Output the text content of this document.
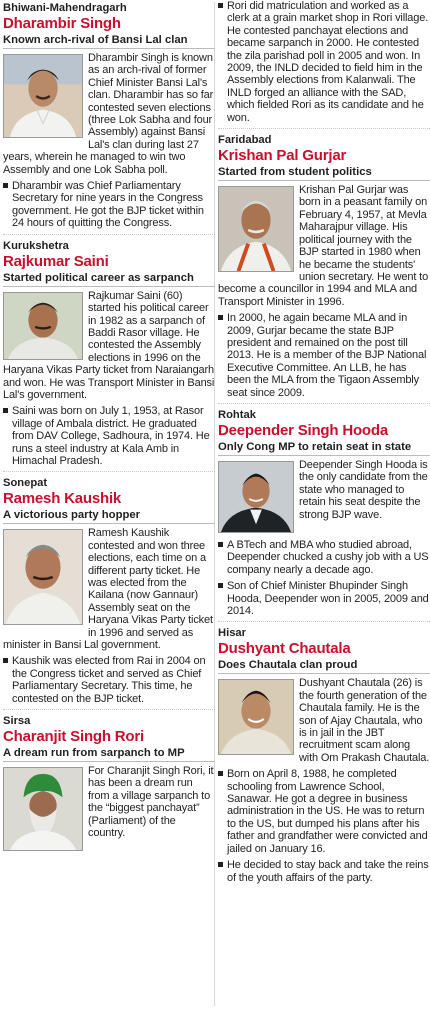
Bhiwani-Mahendragarh
Dharambir Singh
Known arch-rival of Bansi Lal clan
Dharambir Singh is known as an arch-rival of former Chief Minister Bansi Lal's clan. Dharambir has so far contested seven elections (three Lok Sabha and four Assembly) against Bansi Lal's clan during last 27 years, wherein he managed to win two Assembly and one Lok Sabha poll.
Dharambir was Chief Parliamentary Secretary for nine years in the Congress government. He got the BJP ticket within 24 hours of quitting the Congress.
Kurukshetra
Rajkumar Saini
Started political career as sarpanch
Rajkumar Saini (60) started his political career in 1982 as a sarpanch of Baddi Rasor village. He contested the Assembly elections in 1996 on the Haryana Vikas Party ticket from Naraiangarh and won. He was Transport Minister in Bansi Lal's government.
Saini was born on July 1, 1953, at Rasor village of Ambala district. He graduated from DAV College, Sadhoura, in 1974. He runs a steel industry at Kala Amb in Himachal Pradesh.
Sonepat
Ramesh Kaushik
A victorious party hopper
Ramesh Kaushik contested and won three elections, each time on a different party ticket. He was elected from the Kailana (now Gannaur) Assembly seat on the Haryana Vikas Party ticket in 1996 and served as minister in Bansi Lal government.
Kaushik was elected from Rai in 2004 on the Congress ticket and served as Chief Parliamentary Secretary. This time, he contested on the BJP ticket.
Sirsa
Charanjit Singh Rori
A dream run from sarpanch to MP
For Charanjit Singh Rori, it has been a dream run from a village sarpanch to the “biggest panchayat” (Parliament) of the country.
Rori did matriculation and worked as a clerk at a grain market shop in Rori village. He contested panchayat elections and became sarpanch in 2000. He contested the zila parishad poll in 2005 and won. In 2009, the INLD decided to field him in the Assembly elections from Kalanwali. The INLD forged an alliance with the SAD, which fielded Rori as its candidate and he won.
Faridabad
Krishan Pal Gurjar
Started from student politics
Krishan Pal Gurjar was born in a peasant family on February 4, 1957, at Mevla Maharajpur village. His political journey with the BJP started in 1980 when he became the students' union secretary. He went to become a councillor in 1994 and MLA and Transport Minister in 1996.
In 2000, he again became MLA and in 2009, Gurjar became the state BJP president and remained on the post till 2013. He is a member of the BJP National Executive Committee. An LLB, he has been the MLA from the Tigaon Assembly seat since 2009.
Rohtak
Deepender Singh Hooda
Only Cong MP to retain seat in state
Deepender Singh Hooda is the only candidate from the state who managed to retain his seat despite the strong BJP wave.
A BTech and MBA who studied abroad, Deepender chucked a cushy job with a US company nearly a decade ago.
Son of Chief Minister Bhupinder Singh Hooda, Deepender won in 2005, 2009 and 2014.
Hisar
Dushyant Chautala
Does Chautala clan proud
Dushyant Chautala (26) is the fourth generation of the Chautala family. He is the son of Ajay Chautala, who is in jail in the JBT recruitment scam along with Om Prakash Chautala.
Born on April 8, 1988, he completed schooling from Lawrence School, Sanawar. He got a degree in business administration in the US. He was to return to the US, but dumped his plans after his father and grandfather were convicted and jailed on January 16.
He decided to stay back and take the reins of the youth affairs of the party.
